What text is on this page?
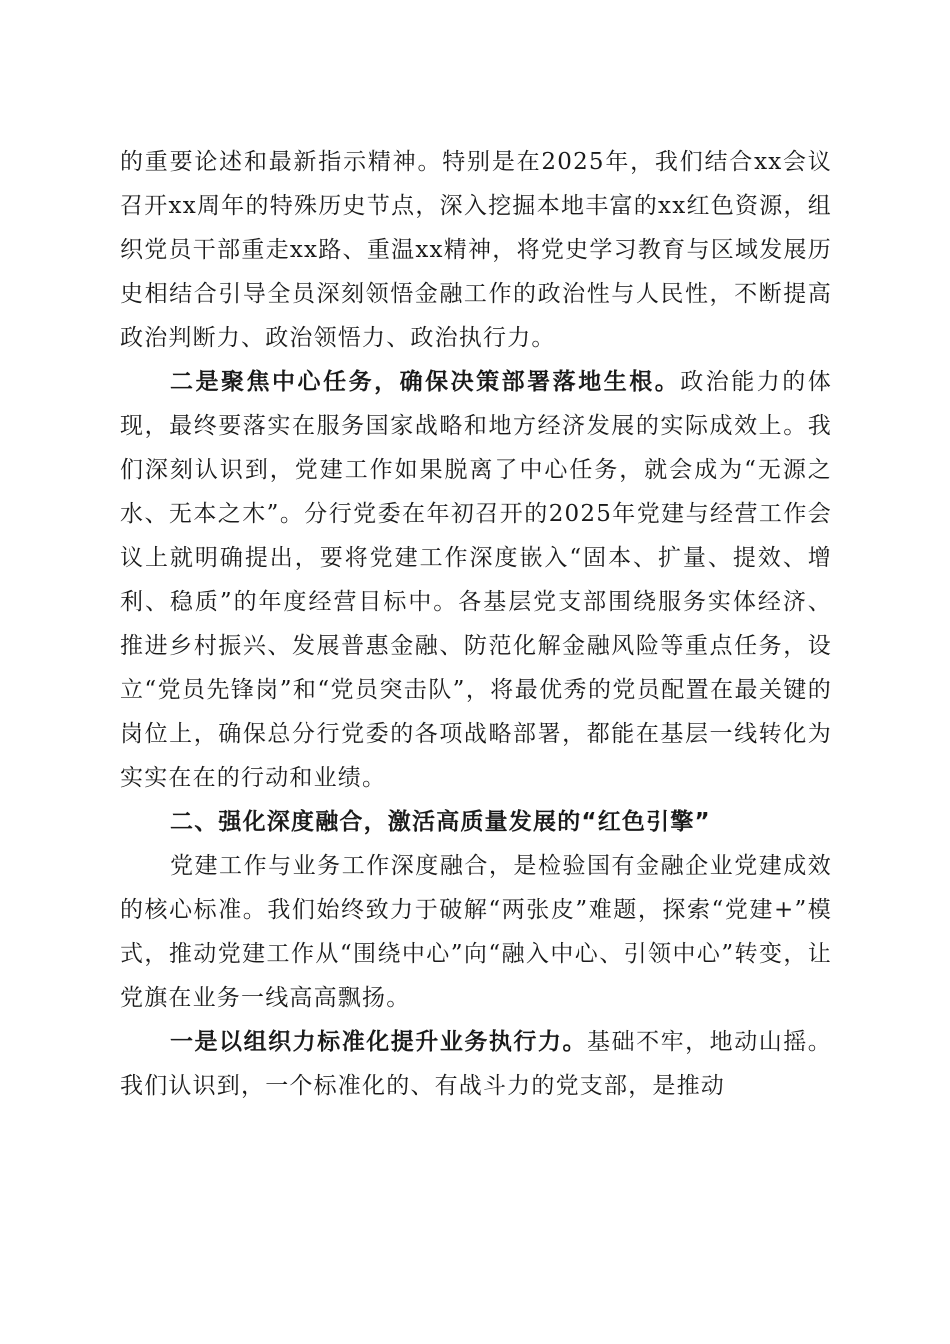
的重要论述和最新指示精神。特别是在2025年，我们结合xx会议召开xx周年的特殊历史节点，深入挖掘本地丰富的xx红色资源，组织党员干部重走xx路、重温xx精神，将党史学习教育与区域发展历史相结合引导全员深刻领悟金融工作的政治性与人民性，不断提高政治判断力、政治领悟力、政治执行力。

二是聚焦中心任务，确保决策部署落地生根。政治能力的体现，最终要落实在服务国家战略和地方经济发展的实际成效上。我们深刻认识到，党建工作如果脱离了中心任务，就会成为“无源之水、无本之木”。分行党委在年初召开的2025年党建与经营工作会议上就明确提出，要将党建工作深度嵌入“固本、扩量、提效、增利、稳质”的年度经营目标中。各基层党支部围绕服务实体经济、推进乡村振兴、发展普惠金融、防范化解金融风险等重点任务，设立“党员先锋岗”和“党员突击队”，将最优秀的党员配置在最关键的岗位上，确保总分行党委的各项战略部署，都能在基层一线转化为实实在在的行动和业绩。

二、强化深度融合，激活高质量发展的“红色引擎”

党建工作与业务工作深度融合，是检验国有金融企业党建成效的核心标准。我们始终致力于破解“两张皮”难题，探索“党建+”模式，推动党建工作从“围绕中心”向“融入中心、引领中心”转变，让党旗在业务一线高高飘扬。

一是以组织力标准化提升业务执行力。基础不牢，地动山摇。我们认识到，一个标准化的、有战斗力的党支部，是推动
